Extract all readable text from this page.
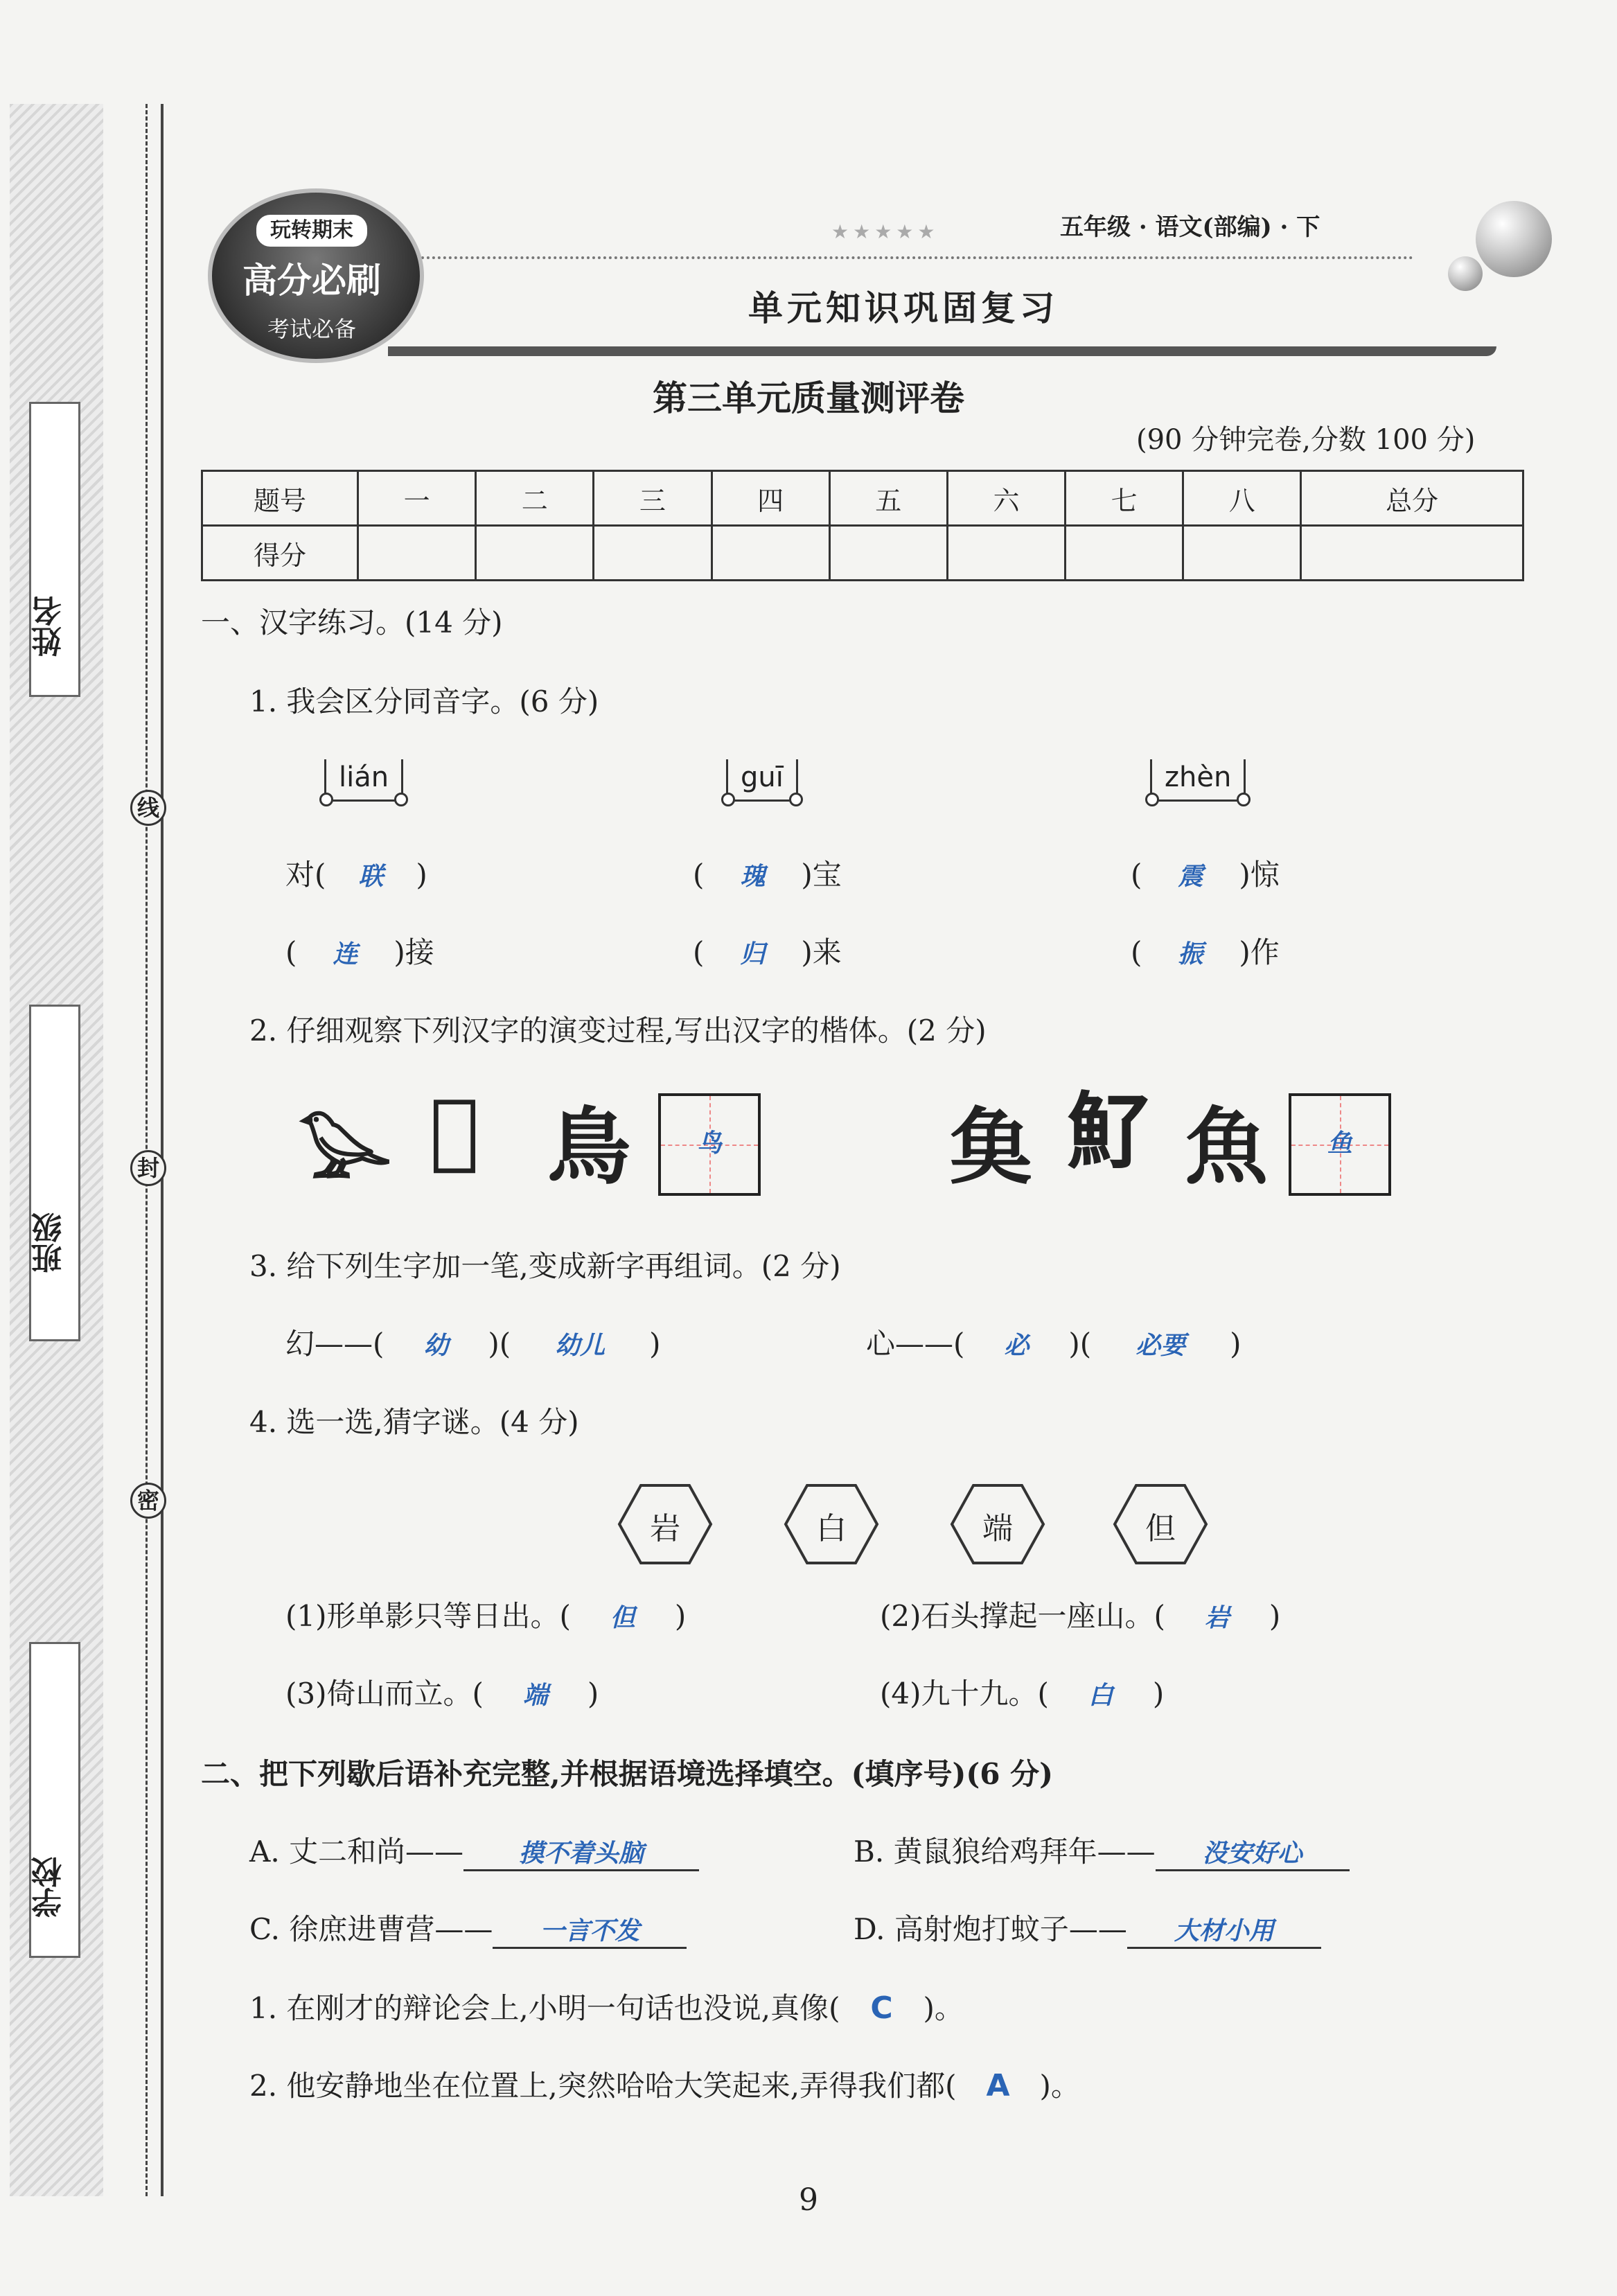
姓名
班级
学校
线
封
密
玩转期末
高分必刷
考试必备
★★★★★	五年级 · 语文(部编) · 下
单元知识巩固复习
第三单元质量测评卷
(90 分钟完卷,分数 100 分)
题号	一	二	三	四	五	六	七	八	总分
得分									
一、汉字练习。(14 分)
1. 我会区分同音字。(6 分)
lián
对( 联 )
( 连 )接
guī
( 瑰 )宝
( 归 )来
zhèn
( 震 )惊
( 振 )作
2. 仔细观察下列汉字的演变过程,写出汉字的楷体。(2 分)
𓅪 𠃨 鳥	鸟	𩵋 𩵌 魚	鱼
3. 给下列生字加一笔,变成新字再组词。(2 分)
幻——( 幼 )( 幼儿 )	心——( 必 )( 必要 )
4. 选一选,猜字谜。(4 分)
岩	白	端	但
(1)形单影只等日出。( 但 )	(2)石头撑起一座山。( 岩 )
(3)倚山而立。( 端 )	(4)九十九。( 白 )
二、把下列歇后语补充完整,并根据语境选择填空。(填序号)(6 分)
A. 丈二和尚—— 摸不着头脑	B. 黄鼠狼给鸡拜年—— 没安好心
C. 徐庶进曹营—— 一言不发	D. 高射炮打蚊子—— 大材小用
1. 在刚才的辩论会上,小明一句话也没说,真像( C )。
2. 他安静地坐在位置上,突然哈哈大笑起来,弄得我们都( A )。
9
